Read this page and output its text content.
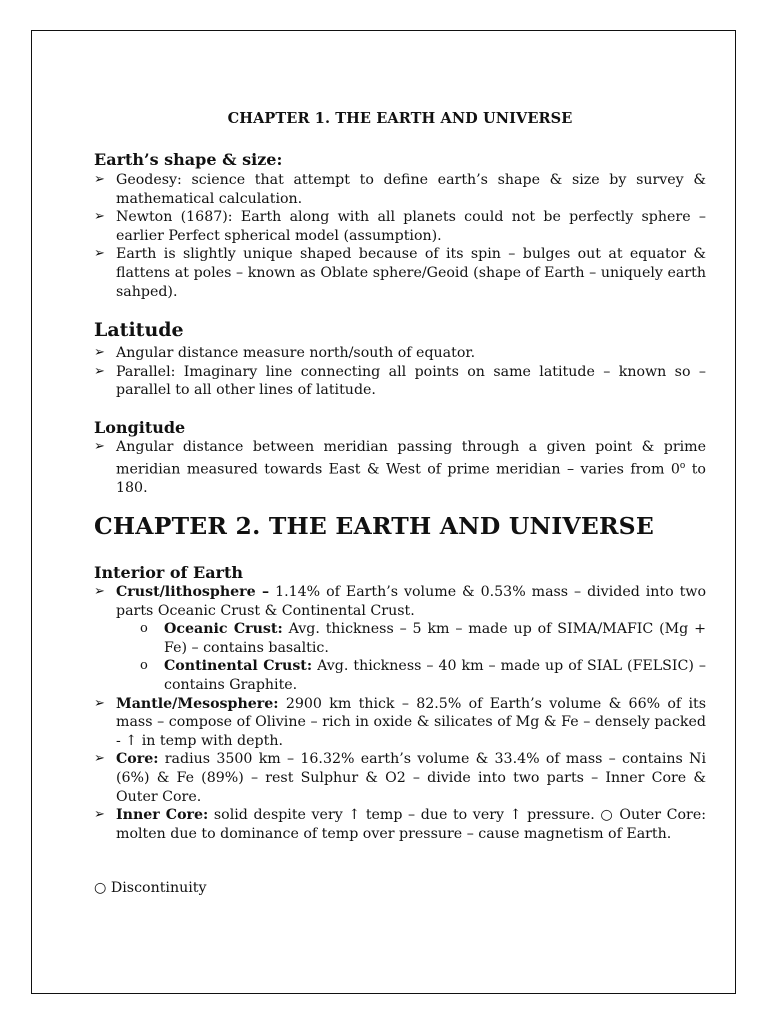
CHAPTER 1. THE EARTH AND UNIVERSE
Earth’s shape & size:
➢ Geodesy: science that attempt to define earth’s shape & size by survey & mathematical calculation.
➢ Newton (1687): Earth along with all planets could not be perfectly sphere – earlier Perfect spherical model (assumption).
➢ Earth is slightly unique shaped because of its spin – bulges out at equator & flattens at poles – known as Oblate sphere/Geoid (shape of Earth – uniquely earth sahped).
Latitude
➢ Angular distance measure north/south of equator.
➢ Parallel: Imaginary line connecting all points on same latitude – known so – parallel to all other lines of latitude.
Longitude
➢ Angular distance between meridian passing through a given point & prime meridian measured towards East & West of prime meridian – varies from 0$^o$ to 180.
CHAPTER 2. THE EARTH AND UNIVERSE
Interior of Earth
➢ Crust/lithosphere – 1.14% of Earth’s volume & 0.53% mass – divided into two parts Oceanic Crust & Continental Crust.
o Oceanic Crust: Avg. thickness – 5 km – made up of SIMA/MAFIC (Mg + Fe) – contains basaltic.
o Continental Crust: Avg. thickness – 40 km – made up of SIAL (FELSIC) – contains Graphite.
➢ Mantle/Mesosphere: 2900 km thick – 82.5% of Earth’s volume & 66% of its mass – compose of Olivine – rich in oxide & silicates of Mg & Fe – densely packed - ↑ in temp with depth.
➢ Core: radius 3500 km – 16.32% earth’s volume & 33.4% of mass – contains Ni (6%) & Fe (89%) – rest Sulphur & O2 – divide into two parts – Inner Core & Outer Core.
➢ Inner Core: solid despite very ↑ temp – due to very ↑ pressure. ○ Outer Core: molten due to dominance of temp over pressure – cause magnetism of Earth.
○ Discontinuity
